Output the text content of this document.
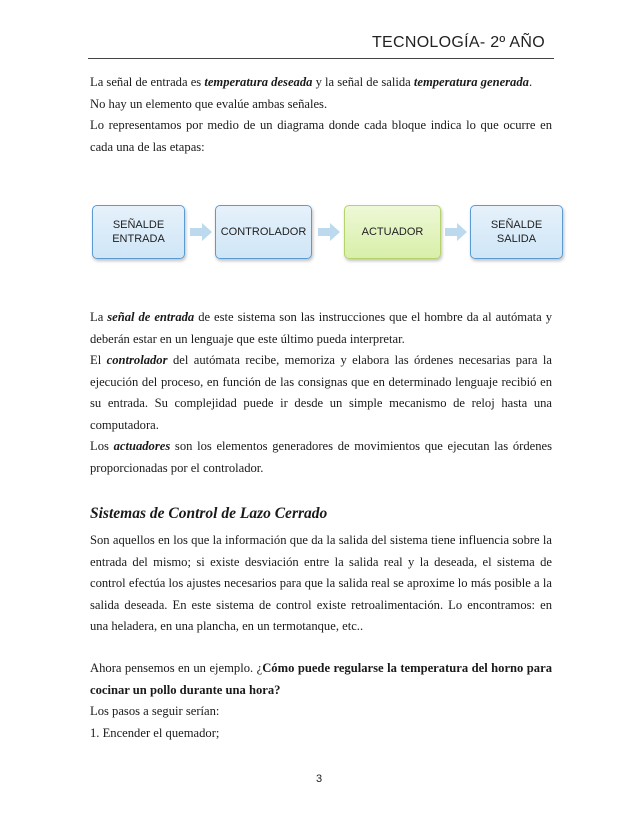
TECNOLOGÍA- 2º AÑO
La señal de entrada es temperatura deseada y la señal de salida temperatura generada.
No hay un elemento que evalúe ambas señales.
Lo representamos por medio de un diagrama donde cada bloque indica lo que ocurre en cada una de las etapas:
SEÑALDE
ENTRADA
CONTROLADOR	ACTUADOR
SEÑALDE
SALIDA
La señal de entrada de este sistema son las instrucciones que el hombre da al autómata y deberán estar en un lenguaje que este último pueda interpretar.
El controlador del autómata recibe, memoriza y elabora las órdenes necesarias para la ejecución del proceso, en función de las consignas que en determinado lenguaje recibió en su entrada. Su complejidad puede ir desde un simple mecanismo de reloj hasta una computadora.
Los actuadores son los elementos generadores de movimientos que ejecutan las órdenes proporcionadas por el controlador.
Sistemas de Control de Lazo Cerrado
Son aquellos en los que la información que da la salida del sistema tiene influencia sobre la entrada del mismo; si existe desviación entre la salida real y la deseada, el sistema de control efectúa los ajustes necesarios para que la salida real se aproxime lo más posible a la salida deseada. En este sistema de control existe retroalimentación. Lo encontramos: en una heladera, en una plancha, en un termotanque, etc..
Ahora pensemos en un ejemplo. ¿Cómo puede regularse la temperatura del horno para cocinar un pollo durante una hora?
Los pasos a seguir serían:
1. Encender el quemador;
3
